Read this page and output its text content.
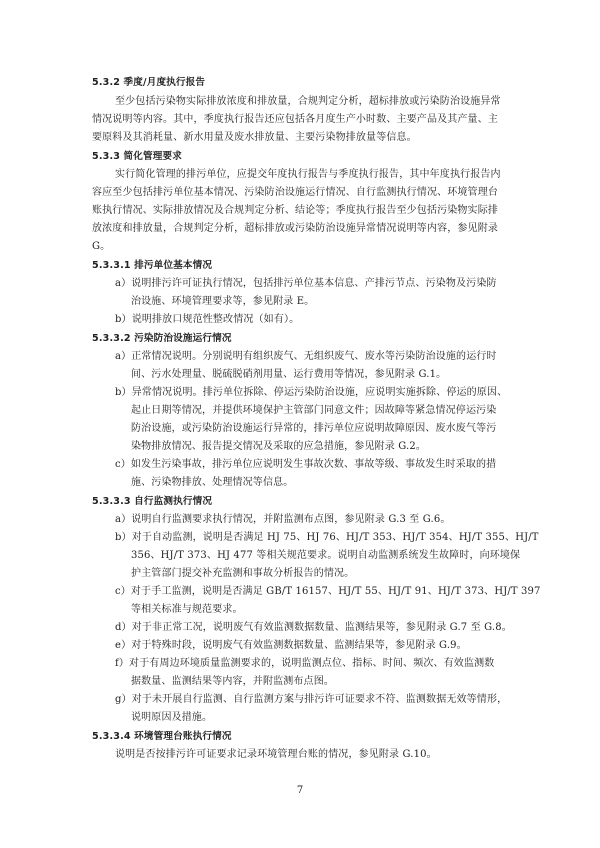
5.3.2 季度/月度执行报告
至少包括污染物实际排放浓度和排放量，合规判定分析，超标排放或污染防治设施异常
情况说明等内容。其中，季度执行报告还应包括各月度生产小时数、主要产品及其产量、主
要原料及其消耗量、新水用量及废水排放量、主要污染物排放量等信息。
5.3.3 简化管理要求
实行简化管理的排污单位，应提交年度执行报告与季度执行报告，其中年度执行报告内
容应至少包括排污单位基本情况、污染防治设施运行情况、自行监测执行情况、环境管理台
账执行情况、实际排放情况及合规判定分析、结论等；季度执行报告至少包括污染物实际排
放浓度和排放量，合规判定分析，超标排放或污染防治设施异常情况说明等内容，参见附录
G。
5.3.3.1 排污单位基本情况
a）说明排污许可证执行情况，包括排污单位基本信息、产排污节点、污染物及污染防
治设施、环境管理要求等，参见附录 E。
b）说明排放口规范性整改情况（如有）。
5.3.3.2 污染防治设施运行情况
a）正常情况说明。分别说明有组织废气、无组织废气、废水等污染防治设施的运行时
间、污水处理量、脱硫脱硝剂用量、运行费用等情况，参见附录 G.1。
b）异常情况说明。排污单位拆除、停运污染防治设施，应说明实施拆除、停运的原因、
起止日期等情况，并提供环境保护主管部门同意文件；因故障等紧急情况停运污染
防治设施，或污染防治设施运行异常的，排污单位应说明故障原因、废水废气等污
染物排放情况、报告提交情况及采取的应急措施，参见附录 G.2。
c）如发生污染事故，排污单位应说明发生事故次数、事故等级、事故发生时采取的措
施、污染物排放、处理情况等信息。
5.3.3.3 自行监测执行情况
a）说明自行监测要求执行情况，并附监测布点图，参见附录 G.3 至 G.6。
b）对于自动监测，说明是否满足 HJ 75、HJ 76、HJ/T 353、HJ/T 354、HJ/T 355、HJ/T
356、HJ/T 373、HJ 477 等相关规范要求。说明自动监测系统发生故障时，向环境保
护主管部门提交补充监测和事故分析报告的情况。
c）对于手工监测，说明是否满足 GB/T 16157、HJ/T 55、HJ/T 91、HJ/T 373、HJ/T 397
等相关标准与规范要求。
d）对于非正常工况，说明废气有效监测数据数量、监测结果等，参见附录 G.7 至 G.8。
e）对于特殊时段，说明废气有效监测数据数量、监测结果等，参见附录 G.9。
f）对于有周边环境质量监测要求的，说明监测点位、指标、时间、频次、有效监测数
据数量、监测结果等内容，并附监测布点图。
g）对于未开展自行监测、自行监测方案与排污许可证要求不符、监测数据无效等情形，
说明原因及措施。
5.3.3.4 环境管理台账执行情况
说明是否按排污许可证要求记录环境管理台账的情况，参见附录 G.10。
7
